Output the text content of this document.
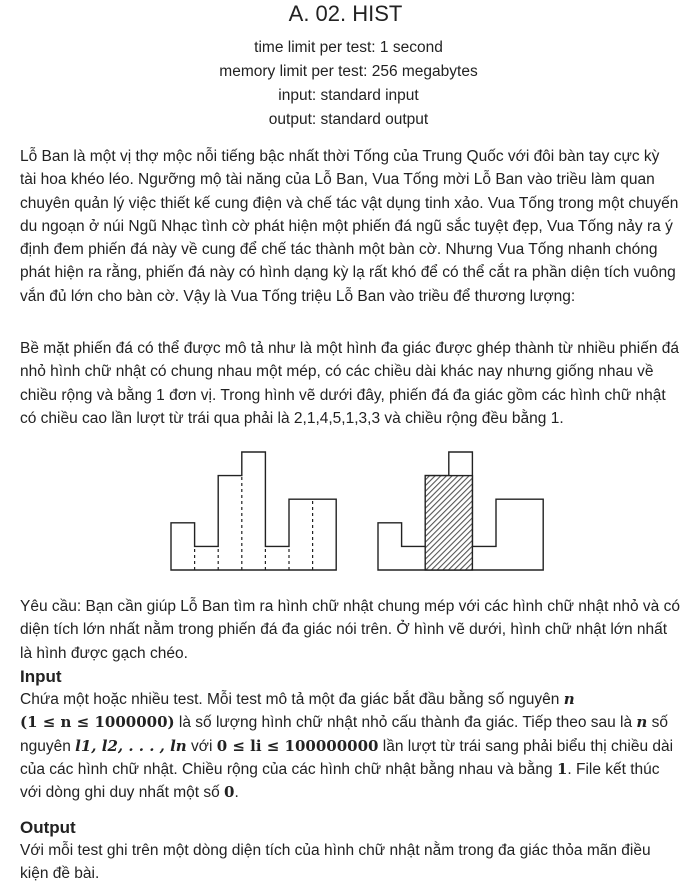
A. 02. HIST
time limit per test: 1 second
memory limit per test: 256 megabytes
input: standard input
output: standard output

Lỗ Ban là một vị thợ mộc nỗi tiếng bậc nhất thời Tống của Trung Quốc với đôi bàn tay cực kỳ tài hoa khéo léo. Ngưỡng mộ tài năng của Lỗ Ban, Vua Tống mời Lỗ Ban vào triều làm quan chuyên quản lý việc thiết kế cung điện và chế tác vật dụng tinh xảo. Vua Tống trong một chuyến du ngoạn ở núi Ngũ Nhạc tình cờ phát hiện một phiến đá ngũ sắc tuyệt đẹp, Vua Tống nảy ra ý định đem phiến đá này về cung để chế tác thành một bàn cờ. Nhưng Vua Tống nhanh chóng phát hiện ra rằng, phiến đá này có hình dạng kỳ lạ rất khó để có thể cắt ra phần diện tích vuông vắn đủ lớn cho bàn cờ. Vậy là Vua Tống triệu Lỗ Ban vào triều để thương lượng:

Bề mặt phiến đá có thể được mô tả như là một hình đa giác được ghép thành từ nhiều phiến đá nhỏ hình chữ nhật có chung nhau một mép, có các chiều dài khác nay nhưng giống nhau về chiều rộng và bằng 1 đơn vị. Trong hình vẽ dưới đây, phiến đá đa giác gồm các hình chữ nhật có chiều cao lần lượt từ trái qua phải là 2,1,4,5,1,3,3 và chiều rộng đều bằng 1.

Yêu cầu: Bạn cần giúp Lỗ Ban tìm ra hình chữ nhật chung mép với các hình chữ nhật nhỏ và có diện tích lớn nhất nằm trong phiến đá đa giác nói trên. Ở hình vẽ dưới, hình chữ nhật lớn nhất là hình được gạch chéo.

Input

Chứa một hoặc nhiều test. Mỗi test mô tả một đa giác bắt đầu bằng số nguyên n
(1 ≤ n ≤ 1000000) là số lượng hình chữ nhật nhỏ cấu thành đa giác. Tiếp theo sau là n số
nguyên l1, l2, . . . , ln với 0 ≤ li ≤ 100000000 lần lượt từ trái sang phải biểu thị chiều dài
của các hình chữ nhật. Chiều rộng của các hình chữ nhật bằng nhau và bằng 1. File kết thúc
với dòng ghi duy nhất một số 0.

Output

Với mỗi test ghi trên một dòng diện tích của hình chữ nhật nằm trong đa giác thỏa mãn điều kiện đề bài.
